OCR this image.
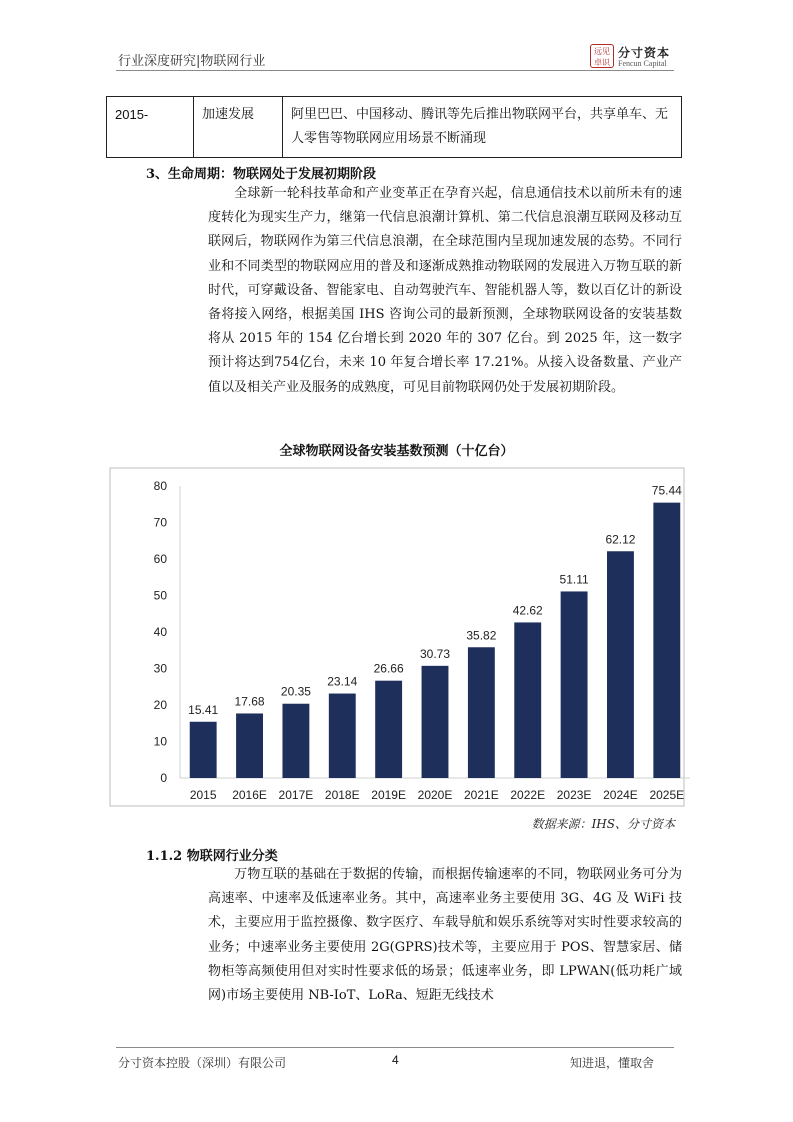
行业深度研究|物联网行业
远见卓识
分寸资本
Fencun Capital
2015-	加速发展	阿里巴巴、中国移动、腾讯等先后推出物联网平台，共享单车、无人零售等物联网应用场景不断涌现
3、生命周期：物联网处于发展初期阶段
全球新一轮科技革命和产业变革正在孕育兴起，信息通信技术以前所未有的速度转化为现实生产力，继第一代信息浪潮计算机、第二代信息浪潮互联网及移动互联网后，物联网作为第三代信息浪潮，在全球范围内呈现加速发展的态势。不同行业和不同类型的物联网应用的普及和逐渐成熟推动物联网的发展进入万物互联的新时代，可穿戴设备、智能家电、自动驾驶汽车、智能机器人等，数以百亿计的新设备将接入网络，根据美国 IHS 咨询公司的最新预测，全球物联网设备的安装基数将从 2015 年的 154 亿台增长到 2020 年的 307 亿台。到 2025 年，这一数字预计将达到754亿台，未来 10 年复合增长率 17.21%。从接入设备数量、产业产值以及相关产业及服务的成熟度，可见目前物联网仍处于发展初期阶段。
全球物联网设备安装基数预测（十亿台）
0
10
20
30
40
50
60
70
80
15.41
2015
17.68
2016E
20.35
2017E
23.14
2018E
26.66
2019E
30.73
2020E
35.82
2021E
42.62
2022E
51.11
2023E
62.12
2024E
75.44
2025E
数据来源：IHS、分寸资本
1.1.2 物联网行业分类
万物互联的基础在于数据的传输，而根据传输速率的不同，物联网业务可分为高速率、中速率及低速率业务。其中，高速率业务主要使用 3G、4G 及 WiFi 技术，主要应用于监控摄像、数字医疗、车载导航和娱乐系统等对实时性要求较高的业务；中速率业务主要使用 2G(GPRS)技术等，主要应用于 POS、智慧家居、储物柜等高频使用但对实时性要求低的场景；低速率业务，即 LPWAN(低功耗广域网)市场主要使用 NB-IoT、LoRa、短距无线技术
分寸资本控股（深圳）有限公司	4	知进退，懂取舍
